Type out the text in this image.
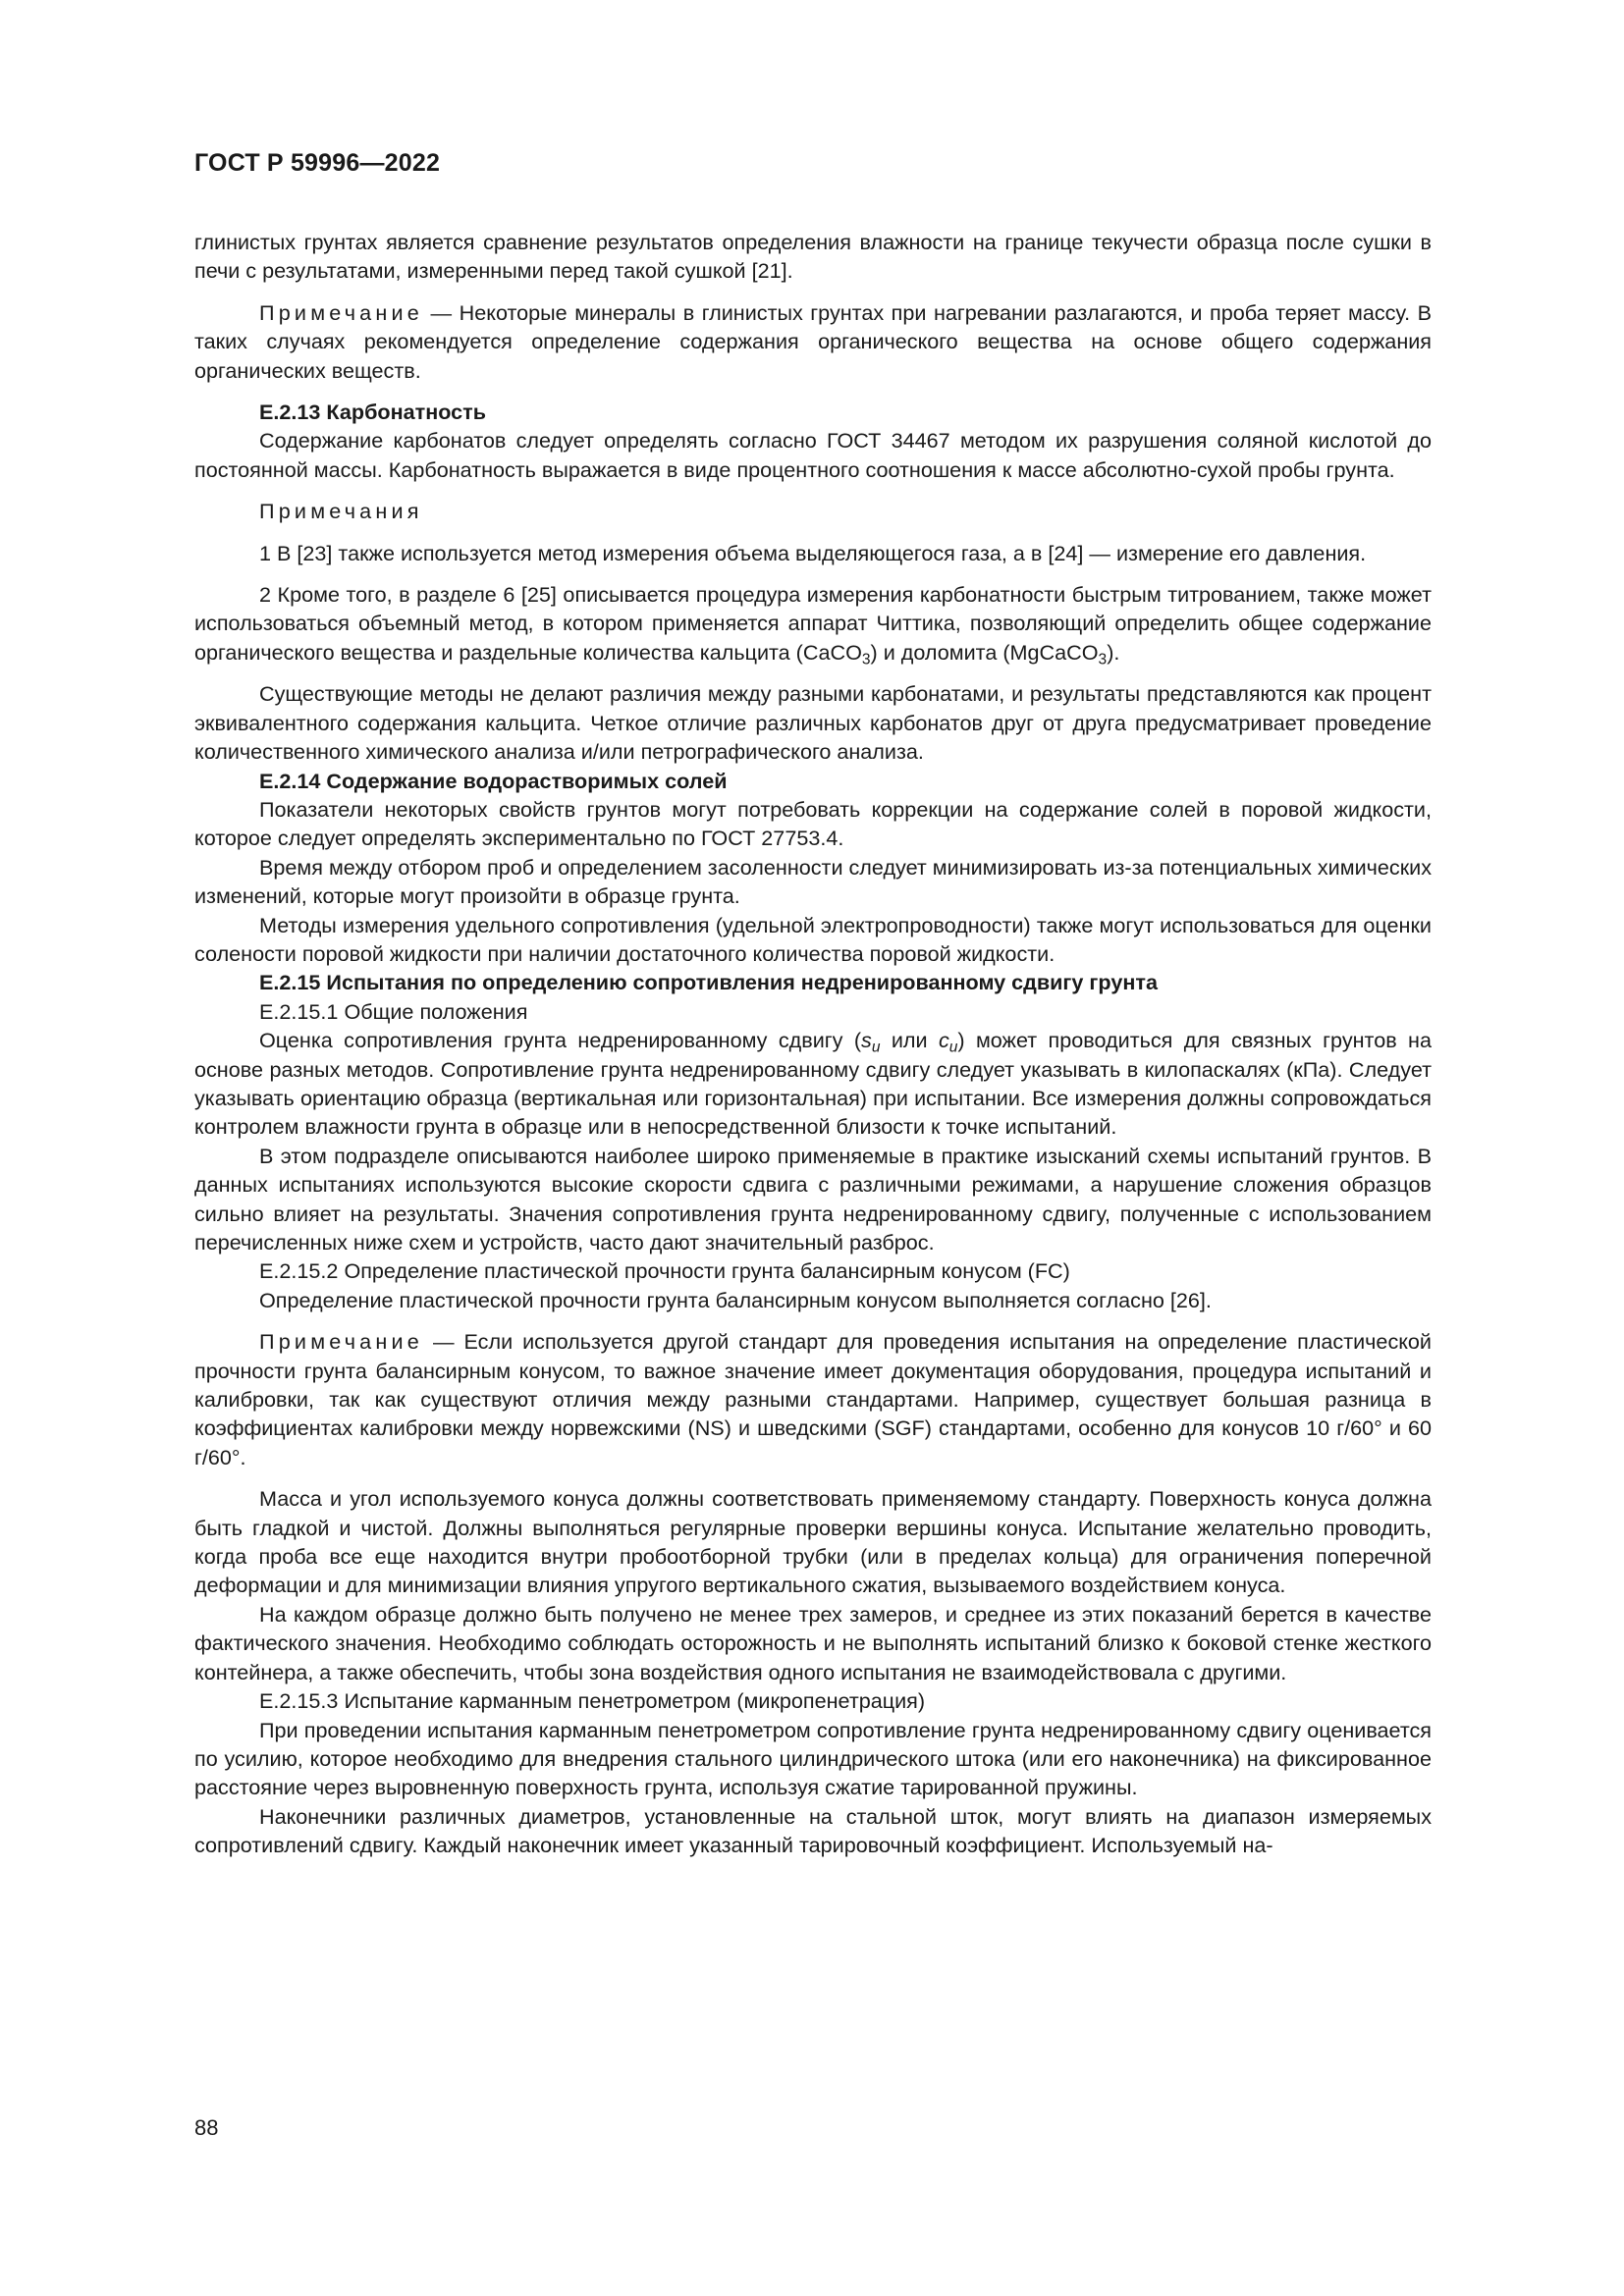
ГОСТ Р 59996—2022

глинистых грунтах является сравнение результатов определения влажности на границе текучести образца после сушки в печи с результатами, измеренными перед такой сушкой [21].

Примечание — Некоторые минералы в глинистых грунтах при нагревании разлагаются, и проба теряет массу. В таких случаях рекомендуется определение содержания органического вещества на основе общего содержания органических веществ.

Е.2.13 Карбонатность

Содержание карбонатов следует определять согласно ГОСТ 34467 методом их разрушения соляной кислотой до постоянной массы. Карбонатность выражается в виде процентного соотношения к массе абсолютно-сухой пробы грунта.

Примечания

1 В [23] также используется метод измерения объема выделяющегося газа, а в [24] — измерение его давления.

2 Кроме того, в разделе 6 [25] описывается процедура измерения карбонатности быстрым титрованием, также может использоваться объемный метод, в котором применяется аппарат Читтика, позволяющий определить общее содержание органического вещества и раздельные количества кальцита (CaCO$_3$) и доломита (MgCaCO$_3$).

Существующие методы не делают различия между разными карбонатами, и результаты представляются как процент эквивалентного содержания кальцита. Четкое отличие различных карбонатов друг от друга предусматривает проведение количественного химического анализа и/или петрографического анализа.

Е.2.14 Содержание водорастворимых солей

Показатели некоторых свойств грунтов могут потребовать коррекции на содержание солей в поровой жидкости, которое следует определять экспериментально по ГОСТ 27753.4.

Время между отбором проб и определением засоленности следует минимизировать из-за потенциальных химических изменений, которые могут произойти в образце грунта.

Методы измерения удельного сопротивления (удельной электропроводности) также могут использоваться для оценки солености поровой жидкости при наличии достаточного количества поровой жидкости.

Е.2.15 Испытания по определению сопротивления недренированному сдвигу грунта

Е.2.15.1 Общие положения

Оценка сопротивления грунта недренированному сдвигу ($s_u$ или $c_u$) может проводиться для связных грунтов на основе разных методов. Сопротивление грунта недренированному сдвигу следует указывать в килопаскалях (кПа). Следует указывать ориентацию образца (вертикальная или горизонтальная) при испытании. Все измерения должны сопровождаться контролем влажности грунта в образце или в непосредственной близости к точке испытаний.

В этом подразделе описываются наиболее широко применяемые в практике изысканий схемы испытаний грунтов. В данных испытаниях используются высокие скорости сдвига с различными режимами, а нарушение сложения образцов сильно влияет на результаты. Значения сопротивления грунта недренированному сдвигу, полученные с использованием перечисленных ниже схем и устройств, часто дают значительный разброс.

Е.2.15.2 Определение пластической прочности грунта балансирным конусом (FC)

Определение пластической прочности грунта балансирным конусом выполняется согласно [26].

Примечание — Если используется другой стандарт для проведения испытания на определение пластической прочности грунта балансирным конусом, то важное значение имеет документация оборудования, процедура испытаний и калибровки, так как существуют отличия между разными стандартами. Например, существует большая разница в коэффициентах калибровки между норвежскими (NS) и шведскими (SGF) стандартами, особенно для конусов 10 г/60° и 60 г/60°.

Масса и угол используемого конуса должны соответствовать применяемому стандарту. Поверхность конуса должна быть гладкой и чистой. Должны выполняться регулярные проверки вершины конуса. Испытание желательно проводить, когда проба все еще находится внутри пробоотборной трубки (или в пределах кольца) для ограничения поперечной деформации и для минимизации влияния упругого вертикального сжатия, вызываемого воздействием конуса.

На каждом образце должно быть получено не менее трех замеров, и среднее из этих показаний берется в качестве фактического значения. Необходимо соблюдать осторожность и не выполнять испытаний близко к боковой стенке жесткого контейнера, а также обеспечить, чтобы зона воздействия одного испытания не взаимодействовала с другими.

Е.2.15.3 Испытание карманным пенетрометром (микропенетрация)

При проведении испытания карманным пенетрометром сопротивление грунта недренированному сдвигу оценивается по усилию, которое необходимо для внедрения стального цилиндрического штока (или его наконечника) на фиксированное расстояние через выровненную поверхность грунта, используя сжатие тарированной пружины.

Наконечники различных диаметров, установленные на стальной шток, могут влиять на диапазон измеряемых сопротивлений сдвигу. Каждый наконечник имеет указанный тарировочный коэффициент. Используемый на-

88
